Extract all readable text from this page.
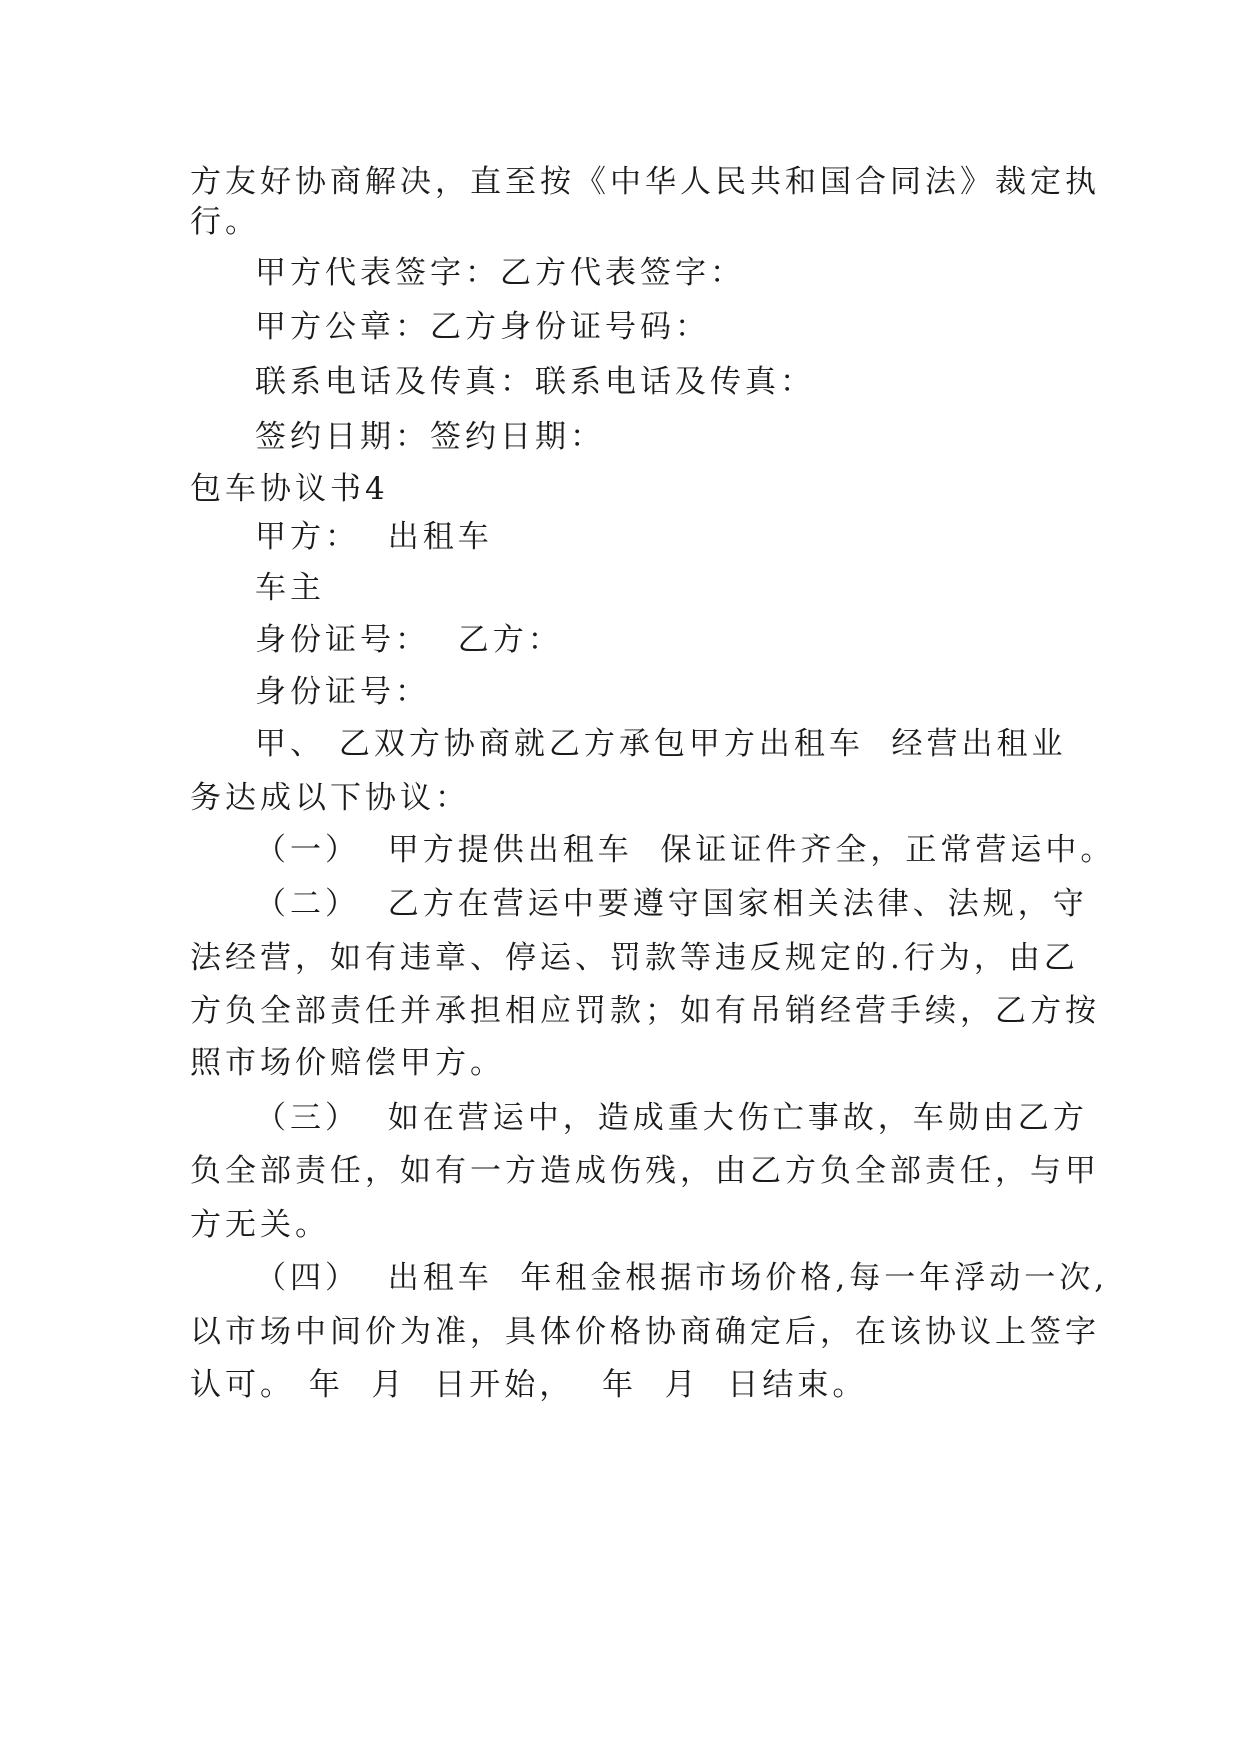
方友好协商解决，直至按《中华人民共和国合同法》裁定执
行。
甲方代表签字：乙方代表签字：
甲方公章：乙方身份证号码：
联系电话及传真：联系电话及传真：
签约日期：签约日期：
包车协议书4
甲方：  出租车
车主
身份证号：  乙方：
身份证号：
甲、 乙双方协商就乙方承包甲方出租车  经营出租业
务达成以下协议：
（一）  甲方提供出租车  保证证件齐全，正常营运中。
（二）  乙方在营运中要遵守国家相关法律、法规，守
法经营，如有违章、停运、罚款等违反规定的.行为，由乙
方负全部责任并承担相应罚款；如有吊销经营手续，乙方按
照市场价赔偿甲方。
（三）  如在营运中，造成重大伤亡事故，车勋由乙方
负全部责任，如有一方造成伤残，由乙方负全部责任，与甲
方无关。
（四）  出租车  年租金根据市场价格,每一年浮动一次,
以市场中间价为准，具体价格协商确定后，在该协议上签字
认可。 年  月  日开始，  年  月  日结束。
